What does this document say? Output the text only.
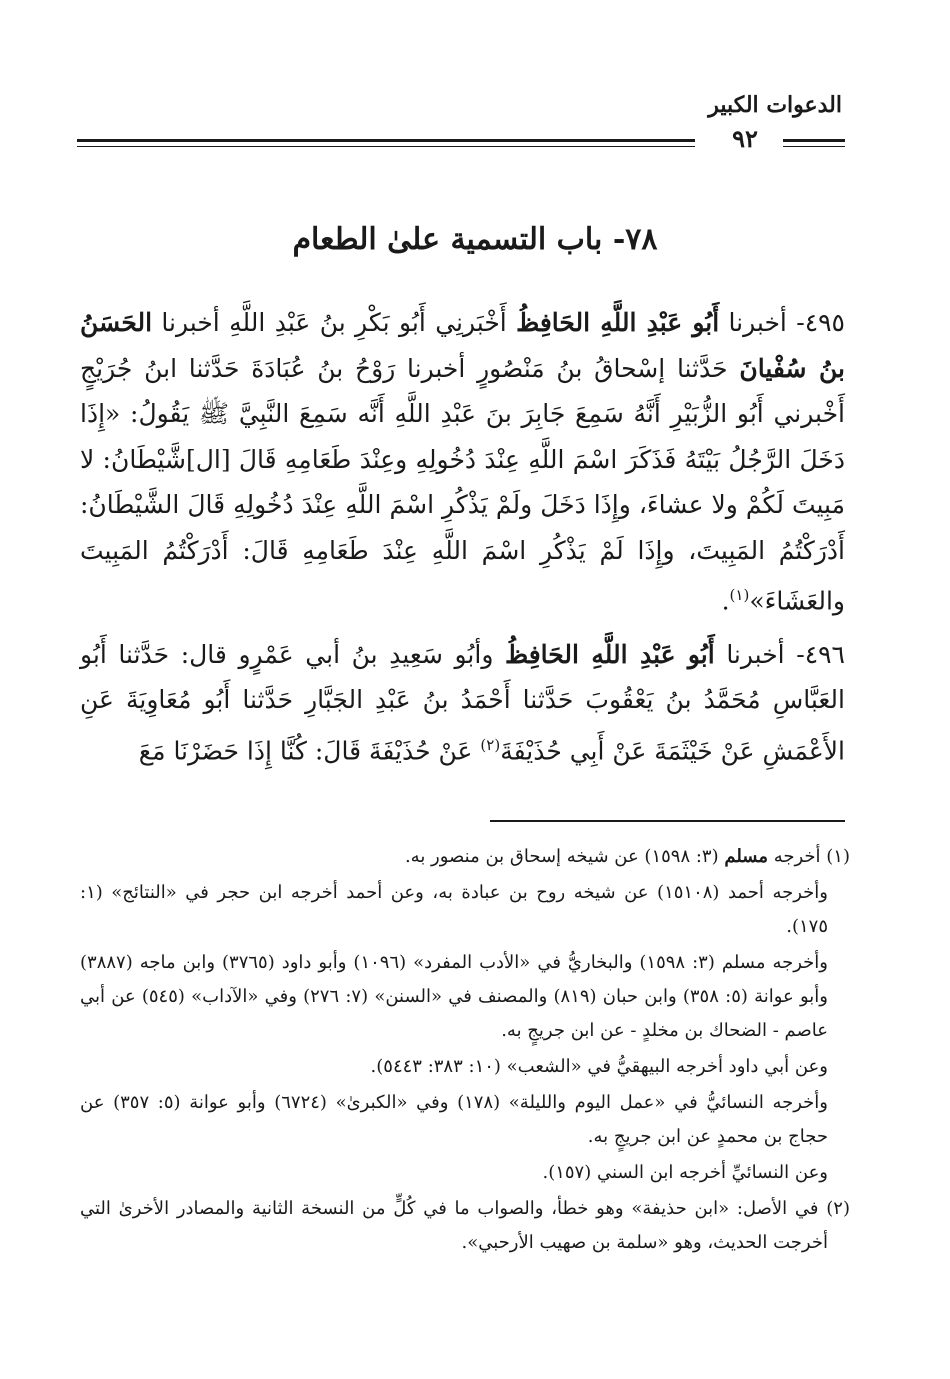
الدعوات الكبير
٩٢
٧٨- باب التسمية علىٰ الطعام

٤٩٥- أخبرنا أَبُو عَبْدِ اللَّهِ الحَافِظُ أَخْبَرنِي أَبُو بَكْرِ بنُ عَبْدِ اللَّهِ أخبرنا الحَسَنُ بنُ سُفْيانَ حَدَّثنا إسْحاقُ بنُ مَنْصُورٍ أخبرنا رَوْحُ بنُ عُبَادَةَ حَدَّثنا ابنُ جُرَيْجٍ أَخْبرني أَبُو الزُّبَيْرِ أَنَّهُ سَمِعَ جَابِرَ بنَ عَبْدِ اللَّهِ أَنَّه سَمِعَ النَّبِيَّ ﷺ يَقُولُ: «إِذَا دَخَلَ الرَّجُلُ بَيْتَهُ فَذَكَرَ اسْمَ اللَّهِ عِنْدَ دُخُولِهِ وعِنْدَ طَعَامِهِ قَالَ [ال]شَّيْطَانُ: لا مَبِيتَ لَكُمْ ولا عشاءَ، وإِذَا دَخَلَ ولَمْ يَذْكُرِ اسْمَ اللَّهِ عِنْدَ دُخُولِهِ قَالَ الشَّيْطَانُ: أَدْرَكْتُمُ المَبِيتَ، وإِذَا لَمْ يَذْكُرِ اسْمَ اللَّهِ عِنْدَ طَعَامِهِ قَالَ: أَدْرَكْتُمُ المَبِيتَ والعَشَاءَ»$^{(١)}$.

٤٩٦- أخبرنا أَبُو عَبْدِ اللَّهِ الحَافِظُ وأبُو سَعِيدِ بنُ أبي عَمْرٍو قال: حَدَّثنا أَبُو العَبَّاسِ مُحَمَّدُ بنُ يَعْقُوبَ حَدَّثنا أَحْمَدُ بنُ عَبْدِ الجَبَّارِ حَدَّثنا أَبُو مُعَاوِيَةَ عَنِ الأَعْمَشِ عَنْ خَيْثَمَةَ عَنْ أَبِي حُذَيْفَةَ$^{(٢)}$ عَنْ حُذَيْفَةَ قَالَ: كُنَّا إِذَا حَضَرْنَا مَعَ

(١) أخرجه مسلم (٣: ١٥٩٨) عن شيخه إسحاق بن منصور به.

وأخرجه أحمد (١٥١٠٨) عن شيخه روح بن عبادة به، وعن أحمد أخرجه ابن حجر في «النتائج» (١: ١٧٥).

وأخرجه مسلم (٣: ١٥٩٨) والبخاريُّ في «الأدب المفرد» (١٠٩٦) وأبو داود (٣٧٦٥) وابن ماجه (٣٨٨٧) وأبو عوانة (٥: ٣٥٨) وابن حبان (٨١٩) والمصنف في «السنن» (٧: ٢٧٦) وفي «الآداب» (٥٤٥) عن أبي عاصم - الضحاك بن مخلدٍ - عن ابن جريجٍ به.

وعن أبي داود أخرجه البيهقيُّ في «الشعب» (١٠: ٣٨٣: ٥٤٤٣).

وأخرجه النسائيُّ في «عمل اليوم والليلة» (١٧٨) وفي «الكبرىٰ» (٦٧٢٤) وأبو عوانة (٥: ٣٥٧) عن حجاج بن محمدٍ عن ابن جريجٍ به.

وعن النسائيِّ أخرجه ابن السني (١٥٧).

(٢) في الأصل: «ابن حذيفة» وهو خطأ، والصواب ما في كُلٍّ من النسخة الثانية والمصادر الأخرىٰ التي أخرجت الحديث، وهو «سلمة بن صهيب الأرحبي».
